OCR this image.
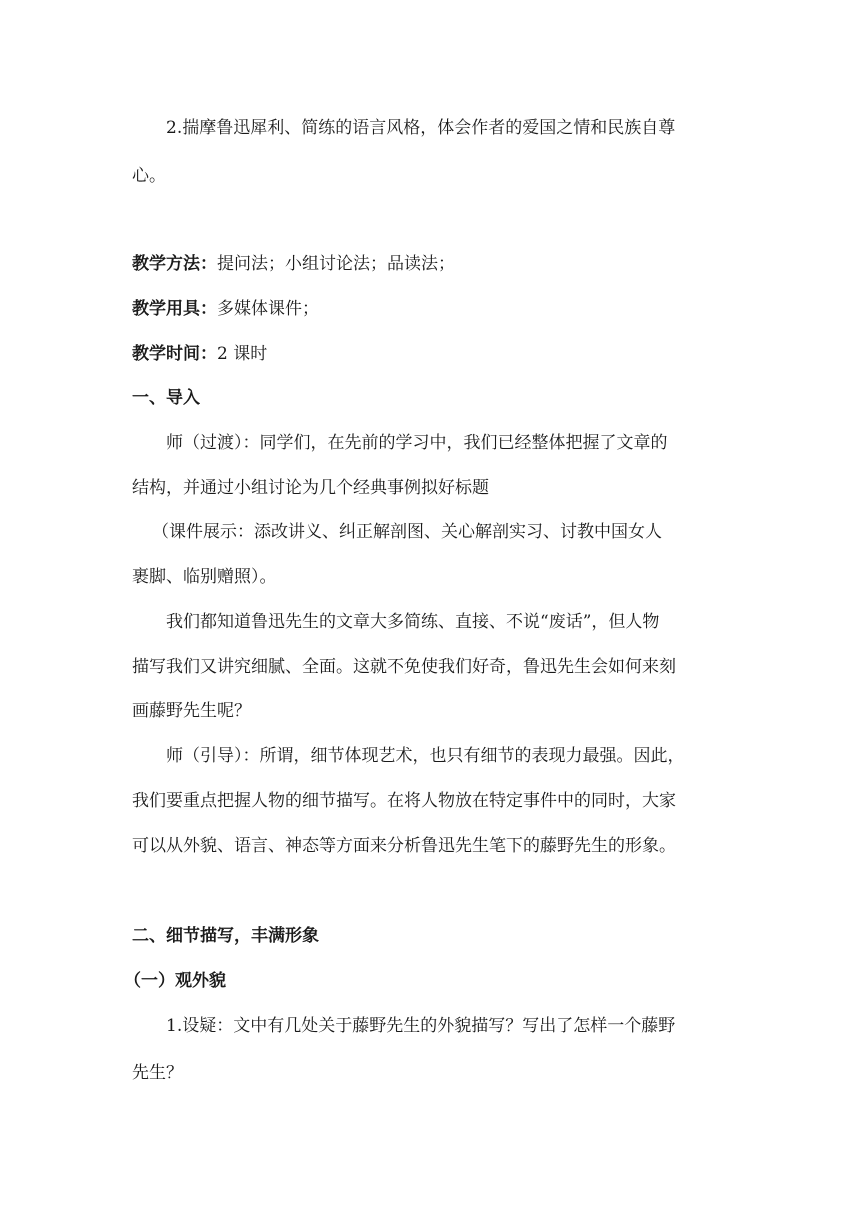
2.揣摩鲁迅犀利、简练的语言风格，体会作者的爱国之情和民族自尊
心。
教学方法：提问法；小组讨论法；品读法；
教学用具：多媒体课件；
教学时间：2 课时
一、导入
师（过渡）：同学们，在先前的学习中，我们已经整体把握了文章的
结构，并通过小组讨论为几个经典事例拟好标题
（课件展示：添改讲义、纠正解剖图、关心解剖实习、讨教中国女人
裹脚、临别赠照）。
我们都知道鲁迅先生的文章大多简练、直接、不说“废话”，但人物
描写我们又讲究细腻、全面。这就不免使我们好奇，鲁迅先生会如何来刻
画藤野先生呢？
师（引导）：所谓，细节体现艺术，也只有细节的表现力最强。因此，
我们要重点把握人物的细节描写。在将人物放在特定事件中的同时，大家
可以从外貌、语言、神态等方面来分析鲁迅先生笔下的藤野先生的形象。
二、细节描写，丰满形象
（一）观外貌
1.设疑：文中有几处关于藤野先生的外貌描写？写出了怎样一个藤野
先生？
